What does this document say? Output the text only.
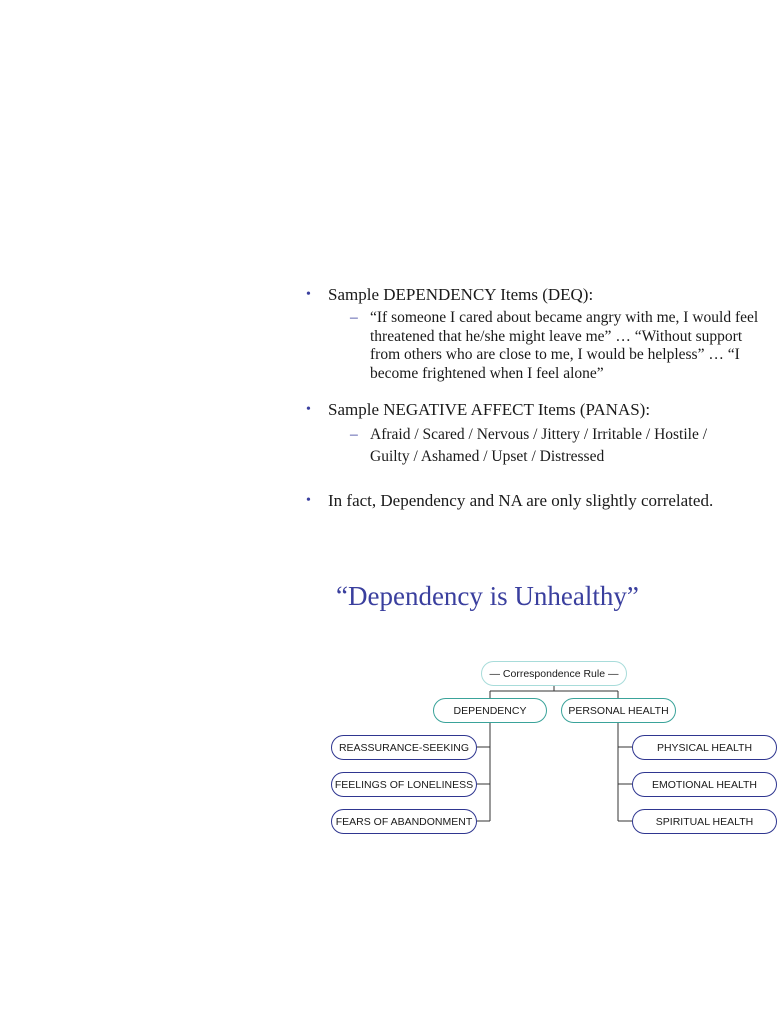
• Sample DEPENDENCY Items (DEQ):
– “If someone I cared about became angry with me, I would feel threatened that he/she might leave me” … “Without support from others who are close to me, I would be helpless” … “I become frightened when I feel alone”
• Sample NEGATIVE AFFECT Items (PANAS):
– Afraid / Scared / Nervous / Jittery / Irritable / Hostile / Guilty / Ashamed / Upset / Distressed
• In fact, Dependency and NA are only slightly correlated.
“Dependency is Unhealthy”
— Correspondence Rule —
DEPENDENCY	PERSONAL HEALTH
REASSURANCE-SEEKING
FEELINGS OF LONELINESS
FEARS OF ABANDONMENT
PHYSICAL HEALTH
EMOTIONAL HEALTH
SPIRITUAL HEALTH
